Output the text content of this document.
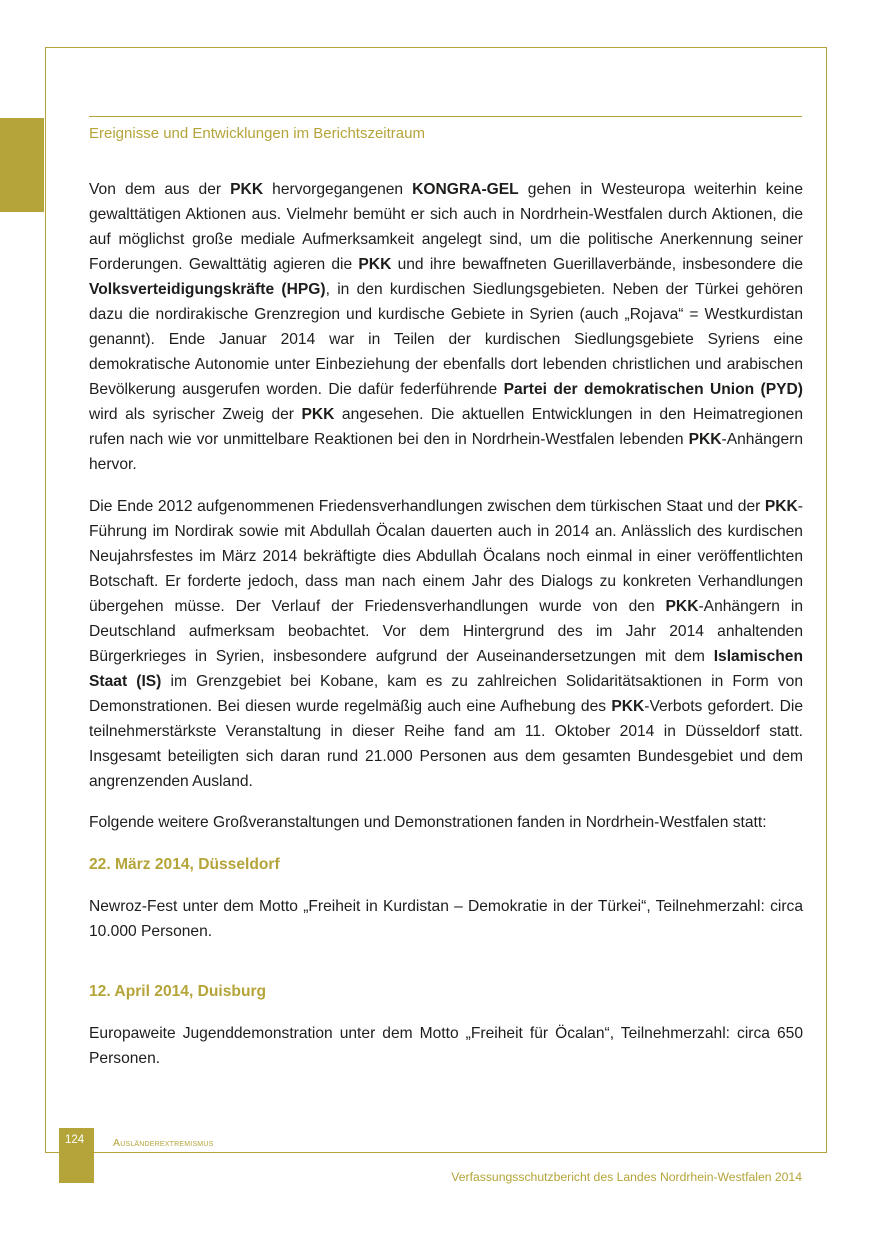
Ereignisse und Entwicklungen im Berichtszeitraum

Von dem aus der PKK hervorgegangenen KONGRA-GEL gehen in Westeuropa weiterhin keine gewalttätigen Aktionen aus. Vielmehr bemüht er sich auch in Nordrhein-Westfalen durch Aktionen, die auf möglichst große mediale Aufmerksamkeit angelegt sind, um die politische Anerkennung seiner Forderungen. Gewalttätig agieren die PKK und ihre bewaffneten Guerillaverbände, insbesondere die Volksverteidigungskräfte (HPG), in den kurdischen Siedlungsgebieten. Neben der Türkei gehören dazu die nordirakische Grenzregion und kurdische Gebiete in Syrien (auch „Rojava“ = Westkurdistan genannt). Ende Januar 2014 war in Teilen der kurdischen Siedlungsgebiete Syriens eine demokratische Autonomie unter Einbeziehung der ebenfalls dort lebenden christlichen und arabischen Bevölkerung ausgerufen worden. Die dafür federführende Partei der demokratischen Union (PYD) wird als syrischer Zweig der PKK angesehen. Die aktuellen Entwicklungen in den Heimatregionen rufen nach wie vor unmittelbare Reaktionen bei den in Nordrhein-Westfalen lebenden PKK-Anhängern hervor.

Die Ende 2012 aufgenommenen Friedensverhandlungen zwischen dem türkischen Staat und der PKK-Führung im Nordirak sowie mit Abdullah Öcalan dauerten auch in 2014 an. Anlässlich des kurdischen Neujahrsfestes im März 2014 bekräftigte dies Abdullah Öcalans noch einmal in einer veröffentlichten Botschaft. Er forderte jedoch, dass man nach einem Jahr des Dialogs zu konkreten Verhandlungen übergehen müsse. Der Verlauf der Friedensverhandlungen wurde von den PKK-Anhängern in Deutschland aufmerksam beobachtet. Vor dem Hintergrund des im Jahr 2014 anhaltenden Bürgerkrieges in Syrien, insbesondere aufgrund der Auseinandersetzungen mit dem Islamischen Staat (IS) im Grenzgebiet bei Kobane, kam es zu zahlreichen Solidaritätsaktionen in Form von Demonstrationen. Bei diesen wurde regelmäßig auch eine Aufhebung des PKK-Verbots gefordert. Die teilnehmerstärkste Veranstaltung in dieser Reihe fand am 11. Oktober 2014 in Düsseldorf statt. Insgesamt beteiligten sich daran rund 21.000 Personen aus dem gesamten Bundesgebiet und dem angrenzenden Ausland.

Folgende weitere Großveranstaltungen und Demonstrationen fanden in Nordrhein-Westfalen statt:

22. März 2014, Düsseldorf

Newroz-Fest unter dem Motto „Freiheit in Kurdistan – Demokratie in der Türkei“, Teilnehmerzahl: circa 10.000 Personen.

12. April 2014, Duisburg

Europaweite Jugenddemonstration unter dem Motto „Freiheit für Öcalan“, Teilnehmerzahl: circa 650 Personen.

124	Ausländerextremismus
Verfassungsschutzbericht des Landes Nordrhein-Westfalen 2014
